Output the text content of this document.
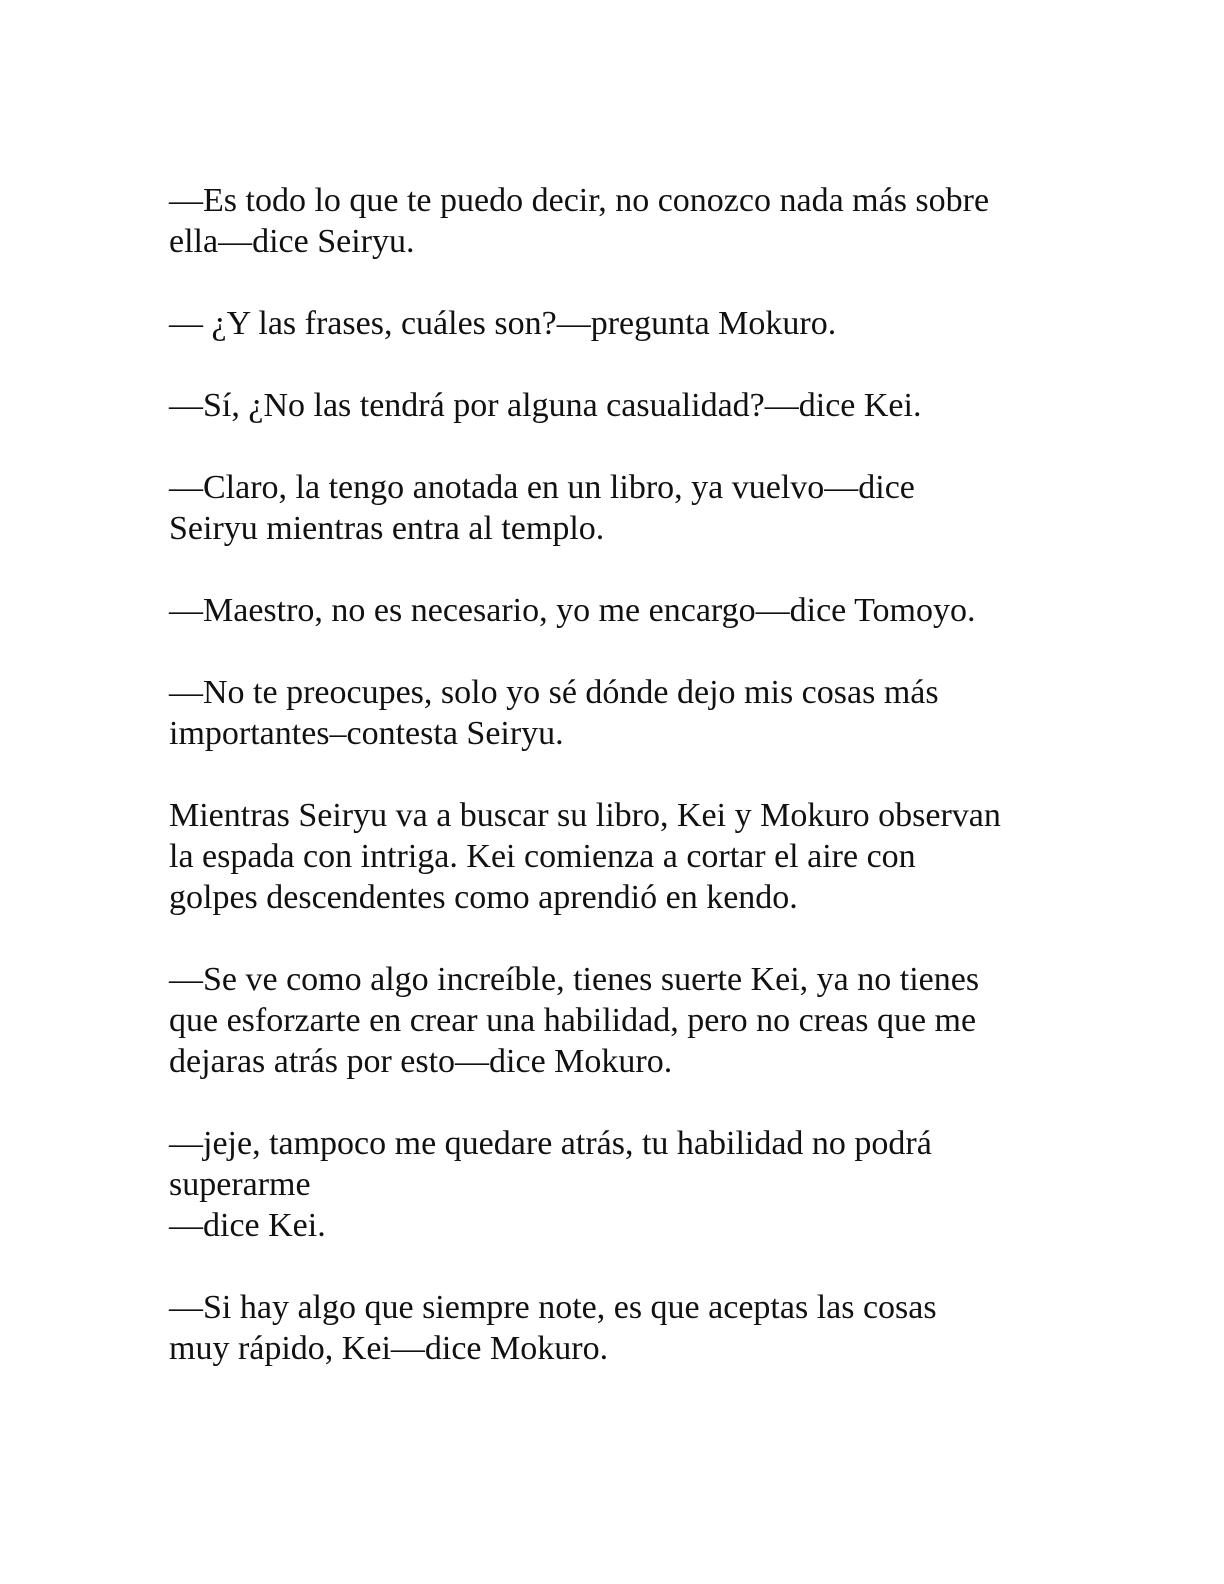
—Es todo lo que te puedo decir, no conozco nada más sobre
ella—dice Seiryu.

— ¿Y las frases, cuáles son?—pregunta Mokuro.

—Sí, ¿No las tendrá por alguna casualidad?—dice Kei.

—Claro, la tengo anotada en un libro, ya vuelvo—dice
Seiryu mientras entra al templo.

—Maestro, no es necesario, yo me encargo—dice Tomoyo.

—No te preocupes, solo yo sé dónde dejo mis cosas más
importantes–contesta Seiryu.

Mientras Seiryu va a buscar su libro, Kei y Mokuro observan
la espada con intriga. Kei comienza a cortar el aire con
golpes descendentes como aprendió en kendo.

—Se ve como algo increíble, tienes suerte Kei, ya no tienes
que esforzarte en crear una habilidad, pero no creas que me
dejaras atrás por esto—dice Mokuro.

—jeje, tampoco me quedare atrás, tu habilidad no podrá
superarme
—dice Kei.

—Si hay algo que siempre note, es que aceptas las cosas
muy rápido, Kei—dice Mokuro.
